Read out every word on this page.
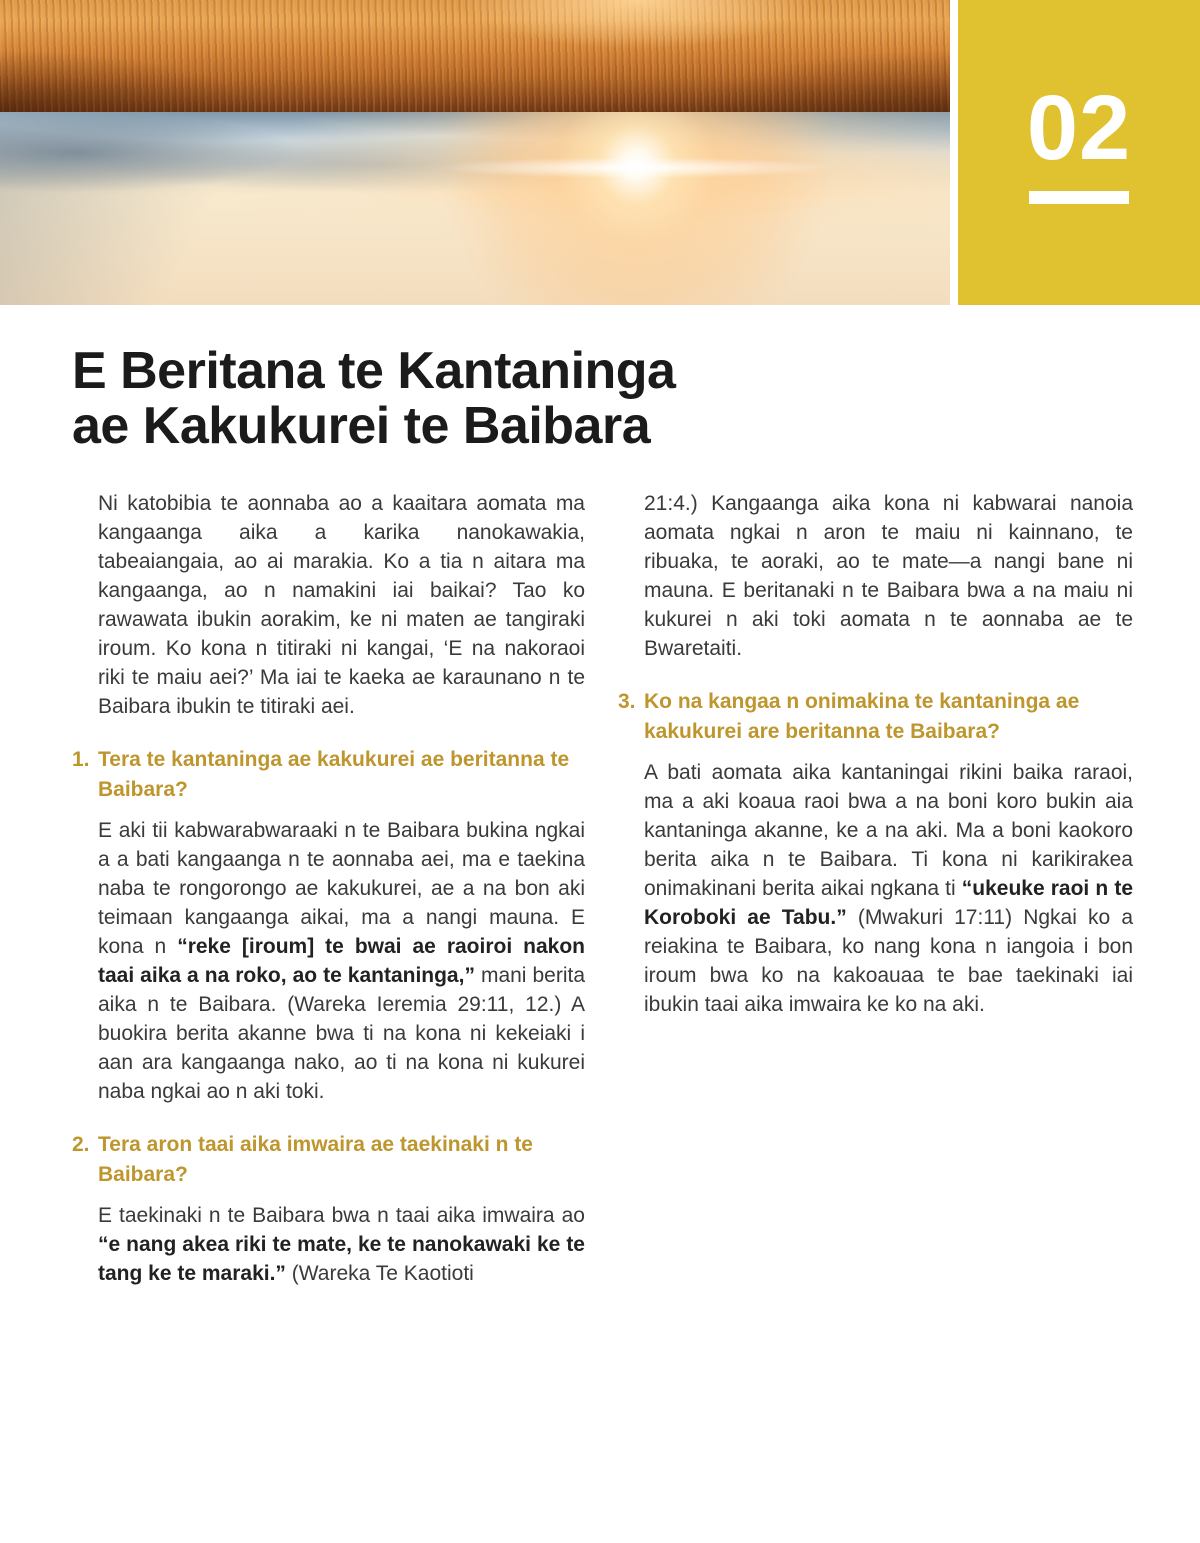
02
E Beritana te Kantaninga
ae Kakukurei te Baibara

Ni katobibia te aonnaba ao a kaaitara aomata ma kangaanga aika a karika nanokawakia, tabeaiangaia, ao ai marakia. Ko a tia n aitara ma kangaanga, ao n namakini iai baikai? Tao ko rawawata ibukin aorakim, ke ni maten ae tangiraki iroum. Ko kona n titiraki ni kangai, ‘E na nakoraoi riki te maiu aei?’ Ma iai te kaeka ae karaunano n te Baibara ibukin te titiraki aei.

1. Tera te kantaninga ae kakukurei ae beritanna te Baibara?

E aki tii kabwarabwaraaki n te Baibara bukina ngkai a a bati kangaanga n te aonnaba aei, ma e taekina naba te rongorongo ae kakukurei, ae a na bon aki teimaan kangaanga aikai, ma a nangi mauna. E kona n “reke [iroum] te bwai ae raoiroi nakon taai aika a na roko, ao te kantaninga,” mani berita aika n te Baibara. (Wareka Ieremia 29:11, 12.) A buokira berita akanne bwa ti na kona ni kekeiaki i aan ara kangaanga nako, ao ti na kona ni kukurei naba ngkai ao n aki toki.

2. Tera aron taai aika imwaira ae taekinaki n te Baibara?

E taekinaki n te Baibara bwa n taai aika imwaira ao “e nang akea riki te mate, ke te nanokawaki ke te tang ke te maraki.” (Wareka Te Kaotioti

21:4.) Kangaanga aika kona ni kabwarai nanoia aomata ngkai n aron te maiu ni kainnano, te ribuaka, te aoraki, ao te mate—a nangi bane ni mauna. E beritanaki n te Baibara bwa a na maiu ni kukurei n aki toki aomata n te aonnaba ae te Bwaretaiti.

3. Ko na kangaa n onimakina te kantaninga ae kakukurei are beritanna te Baibara?

A bati aomata aika kantaningai rikini baika raraoi, ma a aki koaua raoi bwa a na boni koro bukin aia kantaninga akanne, ke a na aki. Ma a boni kaokoro berita aika n te Baibara. Ti kona ni karikirakea onimakinani berita aikai ngkana ti “ukeuke raoi n te Koroboki ae Tabu.” (Mwakuri 17:11) Ngkai ko a reiakina te Baibara, ko nang kona n iangoia i bon iroum bwa ko na kakoauaa te bae taekinaki iai ibukin taai aika imwaira ke ko na aki.
